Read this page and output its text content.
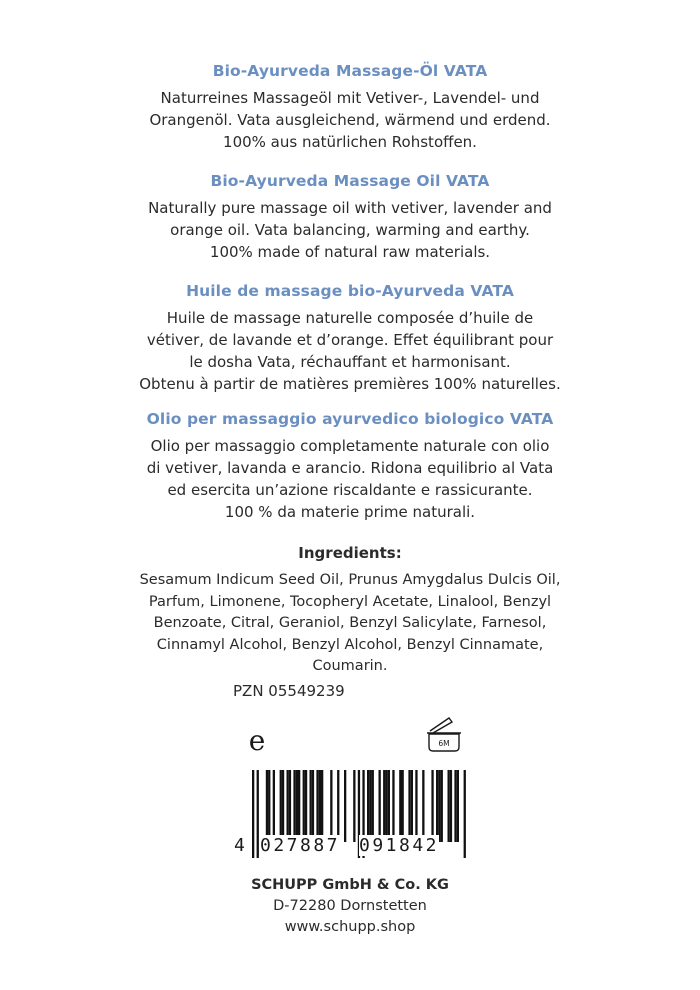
Bio-Ayurveda Massage-Öl VATA
Naturreines Massageöl mit Vetiver-, Lavendel- und
Orangenöl. Vata ausgleichend, wärmend und erdend.
100% aus natürlichen Rohstoffen.
Bio-Ayurveda Massage Oil VATA
Naturally pure massage oil with vetiver, lavender and
orange oil. Vata balancing, warming and earthy.
100% made of natural raw materials.
Huile de massage bio-Ayurveda VATA
Huile de massage naturelle composée d’huile de
vétiver, de lavande et d’orange. Effet équilibrant pour
le dosha Vata, réchauffant et harmonisant.
Obtenu à partir de matières premières 100% naturelles.
Olio per massaggio ayurvedico biologico VATA
Olio per massaggio completamente naturale con olio
di vetiver, lavanda e arancio. Ridona equilibrio al Vata
ed esercita un’azione riscaldante e rassicurante.
100 % da materie prime naturali.
Ingredients:
Sesamum Indicum Seed Oil, Prunus Amygdalus Dulcis Oil,
Parfum, Limonene, Tocopheryl Acetate, Linalool, Benzyl
Benzoate, Citral, Geraniol, Benzyl Salicylate, Farnesol,
Cinnamyl Alcohol, Benzyl Alcohol, Benzyl Cinnamate,
Coumarin.
PZN 05549239
e	6M
4 027887 091842
SCHUPP GmbH & Co. KG
D-72280 Dornstetten
www.schupp.shop
